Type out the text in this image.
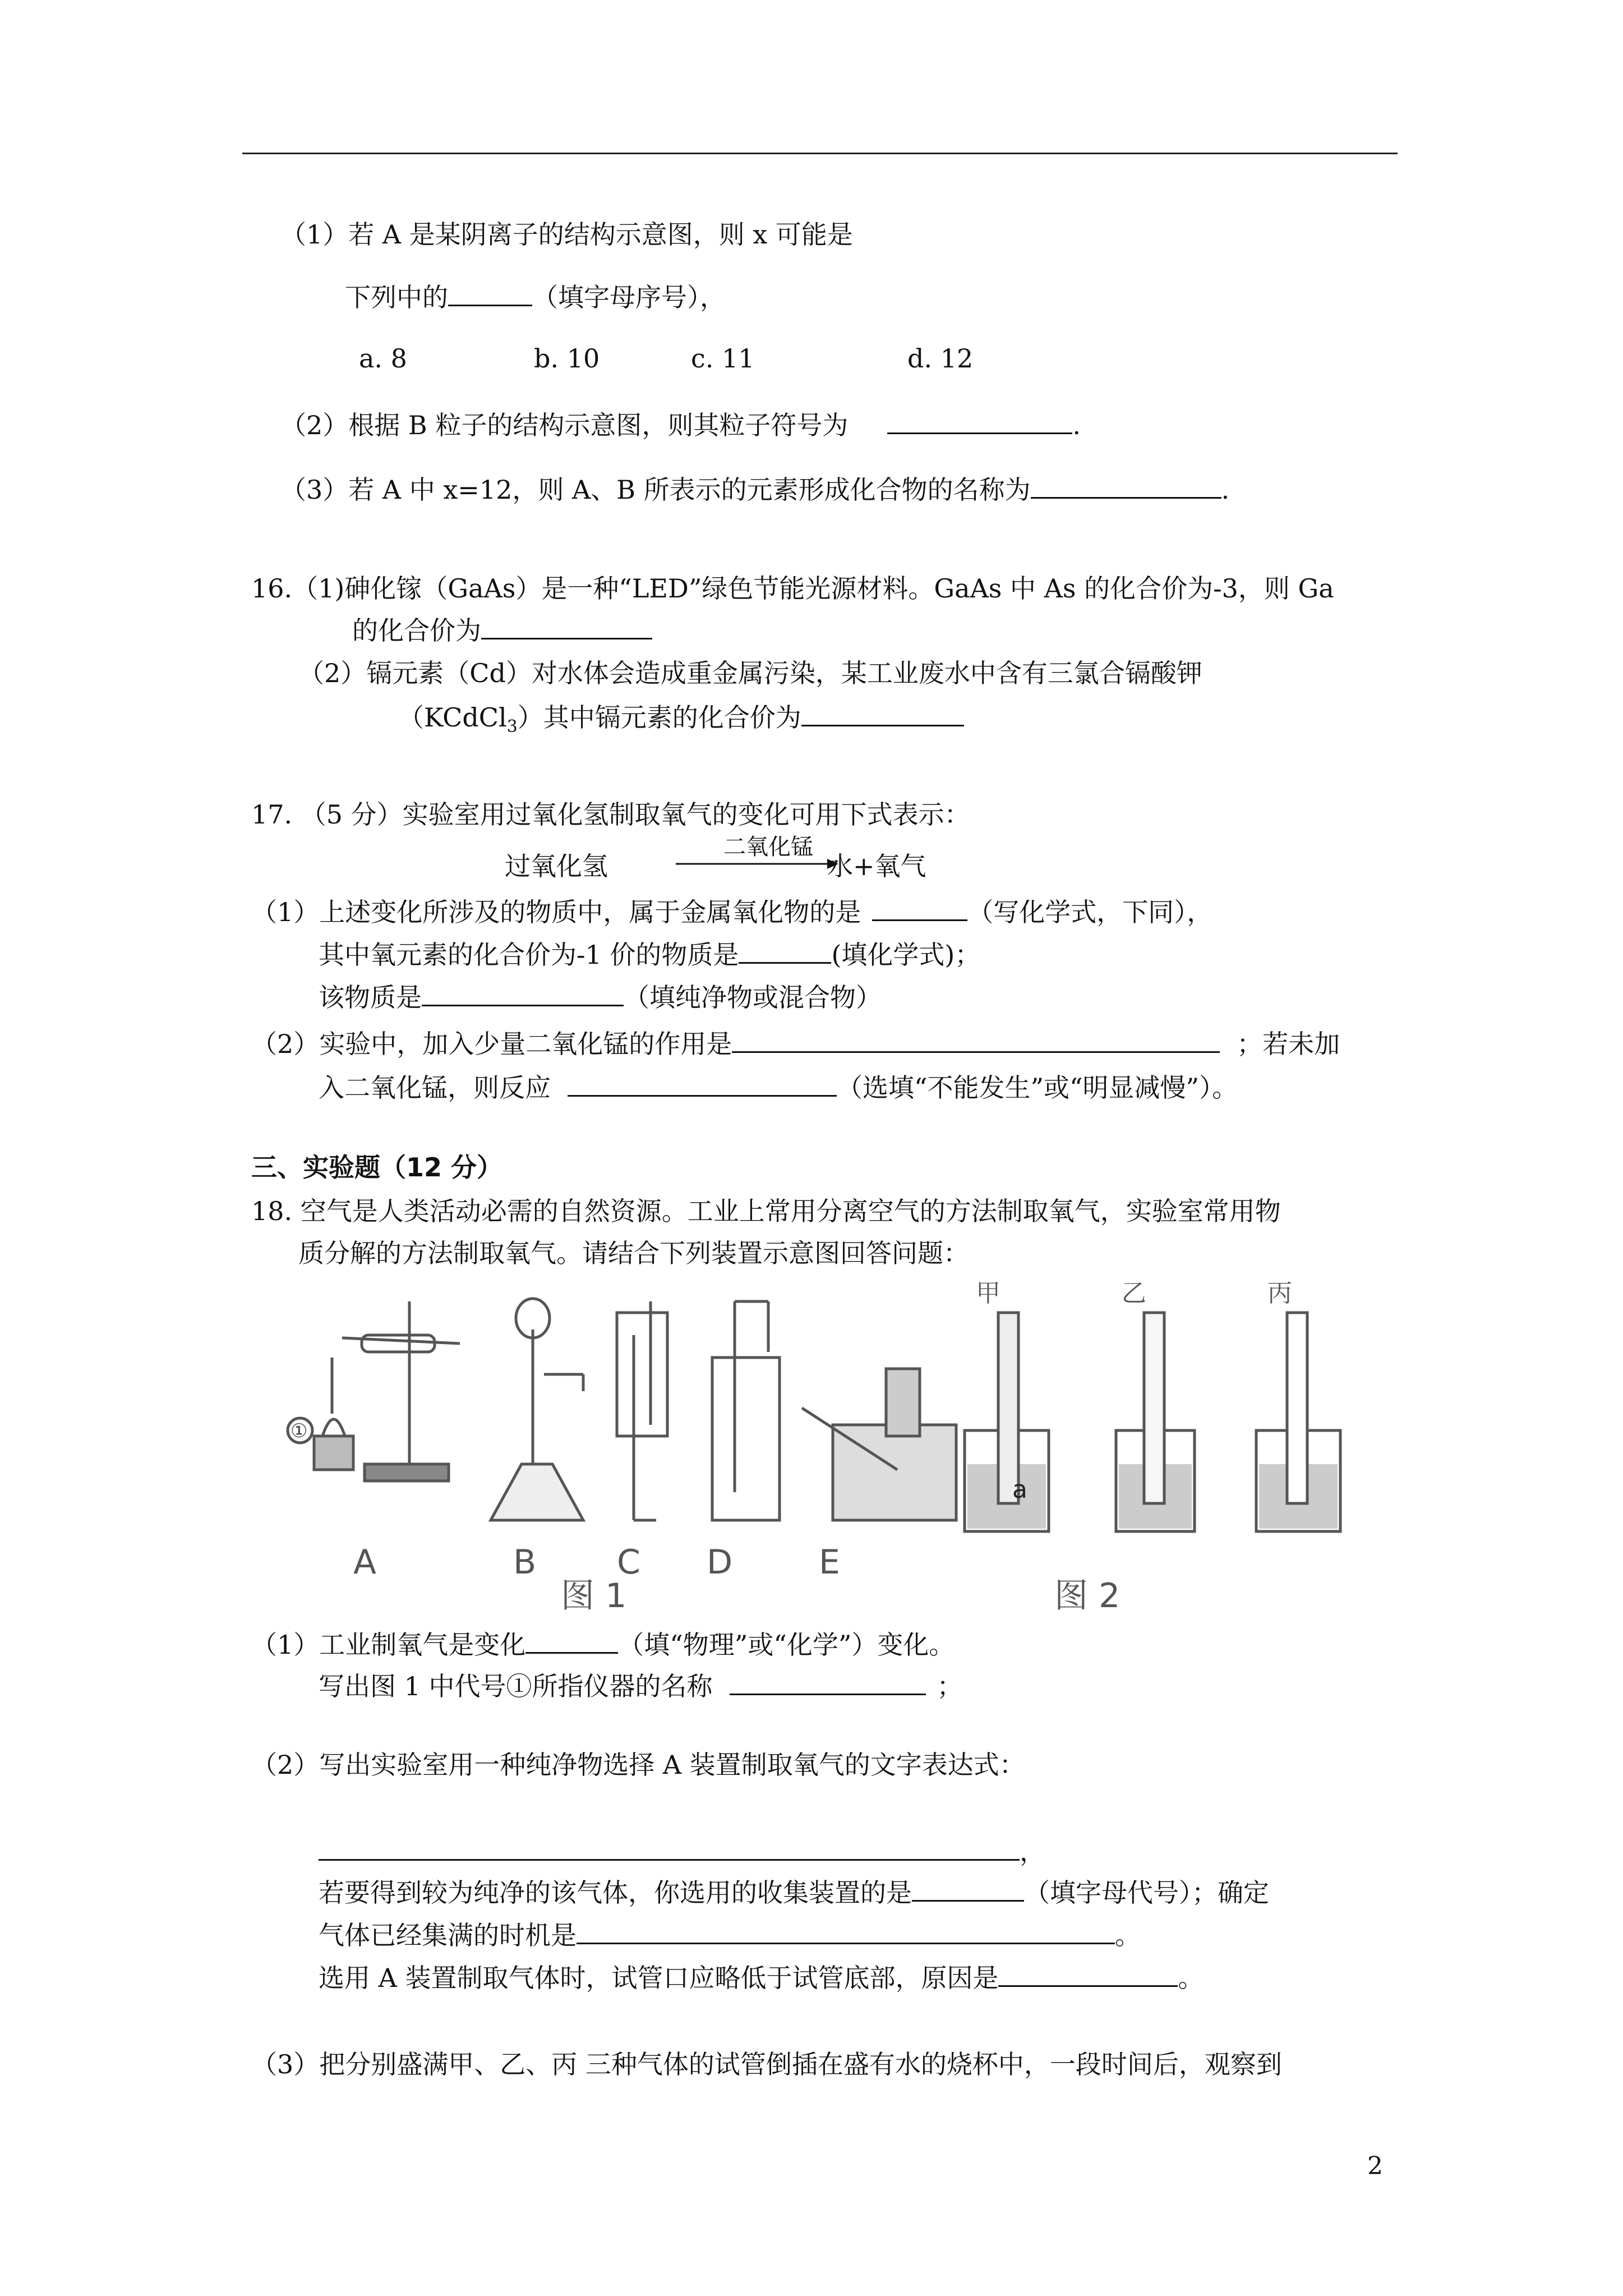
（1）若 A 是某阴离子的结构示意图，则 x 可能是
下列中的	（填字母序号），
a. 8	b. 10	c. 11	d. 12
（2）根据 B 粒子的结构示意图，则其粒子符号为	.
（3）若 A 中 x=12，则 A、B 所表示的元素形成化合物的名称为	.
16.（1)砷化镓（GaAs）是一种“LED”绿色节能光源材料。GaAs 中 As 的化合价为-3，则 Ga
的化合价为
（2）镉元素（Cd）对水体会造成重金属污染，某工业废水中含有三氯合镉酸钾
（KCdCl$_3$）其中镉元素的化合价为
17. （5 分）实验室用过氧化氢制取氧气的变化可用下式表示：
过氧化氢
二氧化锰
水+氧气
（1）上述变化所涉及的物质中，属于金属氧化物的是	（写化学式，下同），
其中氧元素的化合价为-1 价的物质是	(填化学式)；
该物质是	（填纯净物或混合物）
（2）实验中，加入少量二氧化锰的作用是	；若未加
入二氧化锰，则反应	（选填“不能发生”或“明显减慢”）。
三、实验题（12 分）
18. 空气是人类活动必需的自然资源。工业上常用分离空气的方法制取氧气，实验室常用物
质分解的方法制取氧气。请结合下列装置示意图回答问题：
①
A	B C D	E
图 1
甲	乙	丙
a
图 2
（1）工业制氧气是变化	（填“物理”或“化学”）变化。
写出图 1 中代号①所指仪器的名称	；
（2）写出实验室用一种纯净物选择 A 装置制取氧气的文字表达式：
，
若要得到较为纯净的该气体，你选用的收集装置的是	（填字母代号）；确定
气体已经集满的时机是	。
选用 A 装置制取气体时，试管口应略低于试管底部，原因是	。
（3）把分别盛满甲、乙、丙 三种气体的试管倒插在盛有水的烧杯中，一段时间后，观察到
2
